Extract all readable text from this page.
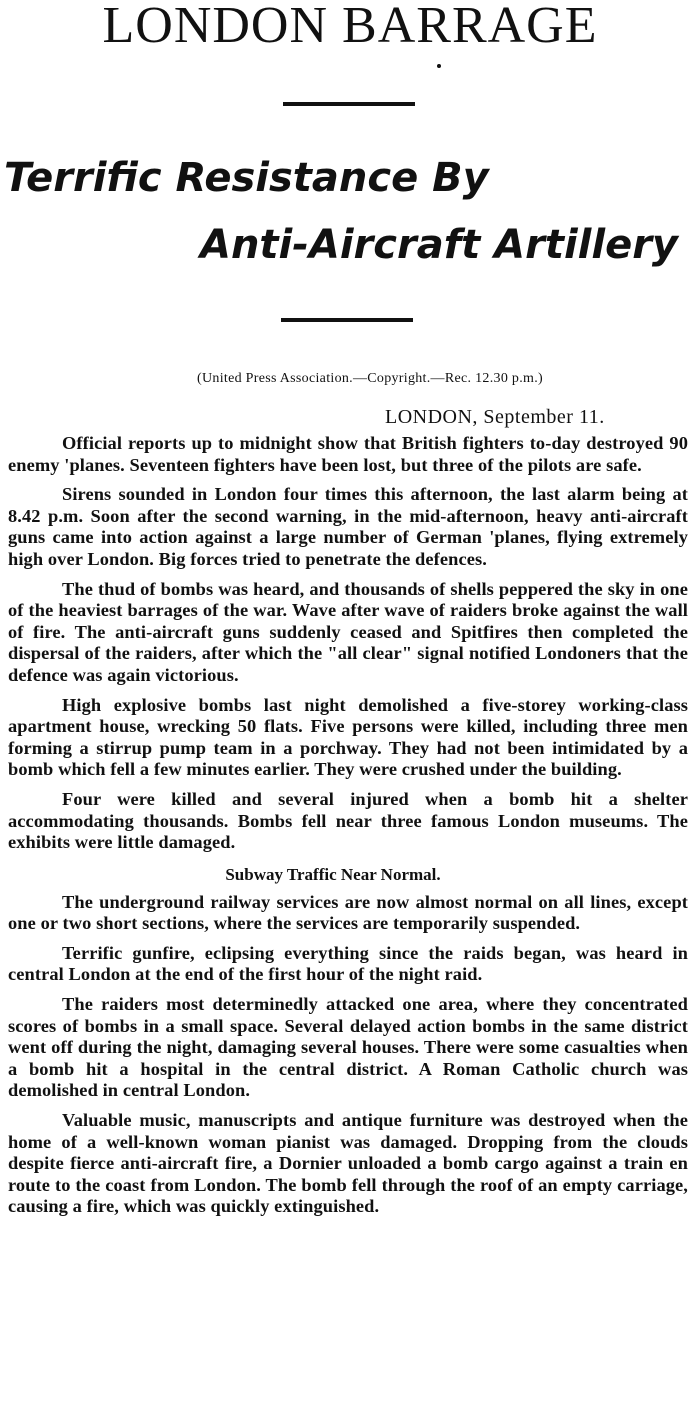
LONDON BARRAGE
Terrific Resistance By
Anti-Aircraft Artillery
(United Press Association.—Copyright.—Rec. 12.30 p.m.)
LONDON, September 11.

Official reports up to midnight show that British fighters to-day destroyed 90 enemy 'planes. Seventeen fighters have been lost, but three of the pilots are safe.

Sirens sounded in London four times this afternoon, the last alarm being at 8.42 p.m. Soon after the second warning, in the mid-afternoon, heavy anti-aircraft guns came into action against a large number of German 'planes, flying extremely high over London. Big forces tried to penetrate the defences.

The thud of bombs was heard, and thousands of shells peppered the sky in one of the heaviest barrages of the war. Wave after wave of raiders broke against the wall of fire. The anti-aircraft guns suddenly ceased and Spitfires then completed the dispersal of the raiders, after which the "all clear" signal notified Londoners that the defence was again victorious.

High explosive bombs last night demolished a five-storey working-class apartment house, wrecking 50 flats. Five persons were killed, including three men forming a stirrup pump team in a porchway. They had not been intimidated by a bomb which fell a few minutes earlier. They were crushed under the building.

Four were killed and several injured when a bomb hit a shelter accommodating thousands. Bombs fell near three famous London museums. The exhibits were little damaged.

Subway Traffic Near Normal.

The underground railway services are now almost normal on all lines, except one or two short sections, where the services are temporarily suspended.

Terrific gunfire, eclipsing everything since the raids began, was heard in central London at the end of the first hour of the night raid.

The raiders most determinedly attacked one area, where they concentrated scores of bombs in a small space. Several delayed action bombs in the same district went off during the night, damaging several houses. There were some casualties when a bomb hit a hospital in the central district. A Roman Catholic church was demolished in central London.

Valuable music, manuscripts and antique furniture was destroyed when the home of a well-known woman pianist was damaged. Dropping from the clouds despite fierce anti-aircraft fire, a Dornier unloaded a bomb cargo against a train en route to the coast from London. The bomb fell through the roof of an empty carriage, causing a fire, which was quickly extinguished.
